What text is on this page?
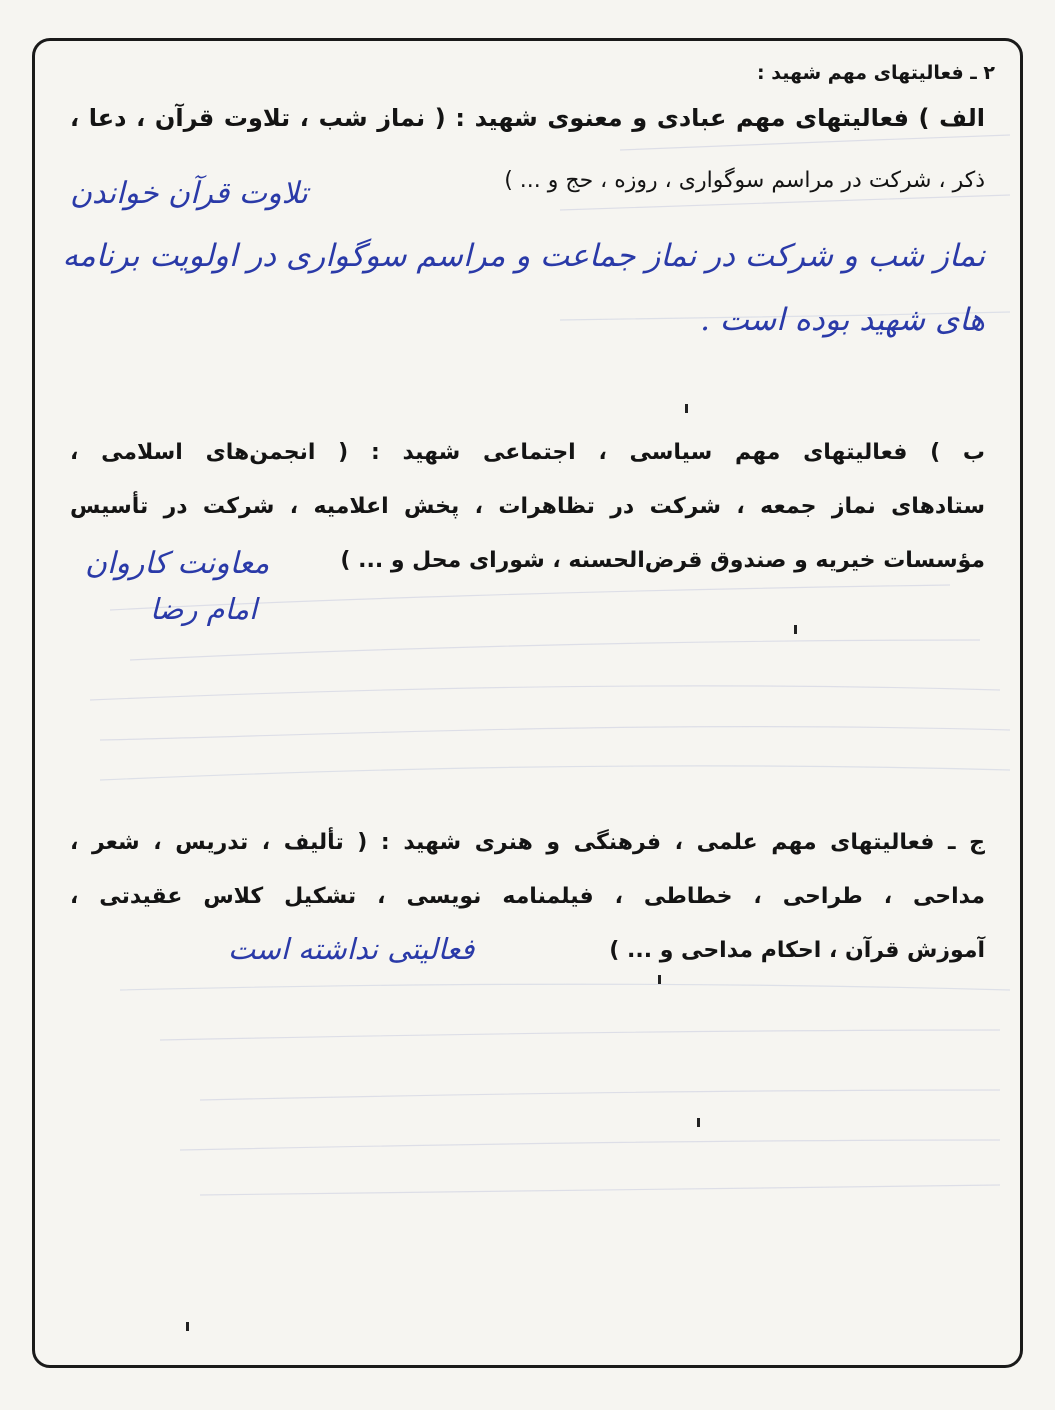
۲ ـ فعالیتهای مهم شهید :
الف ) فعالیتهای مهم عبادی و معنوی شهید : ( نماز شب ، تلاوت قرآن ، دعا ،
ذکر ، شرکت در مراسم سوگواری ، روزه ، حج و ... )
تلاوت قرآن خواندن
نماز شب و شرکت در نماز جماعت و مراسم سوگواری در اولویت برنامه
های شهید بوده است .
ب ) فعالیتهای مهم سیاسی ، اجتماعی شهید : ( انجمن‌های اسلامی ،
ستادهای نماز جمعه ، شرکت در تظاهرات ، پخش اعلامیه ، شرکت در تأسیس
مؤسسات خیریه و صندوق قرض‌الحسنه ، شورای محل و ... )
معاونت کاروان
امام رضا
ج ـ فعالیتهای مهم علمی ، فرهنگی و هنری شهید : ( تألیف ، تدریس ، شعر ،
مداحی ، طراحی ، خطاطی ، فیلمنامه نویسی ، تشکیل کلاس عقیدتی ،
آموزش قرآن ، احکام مداحی و ... )
فعالیتی نداشته است
